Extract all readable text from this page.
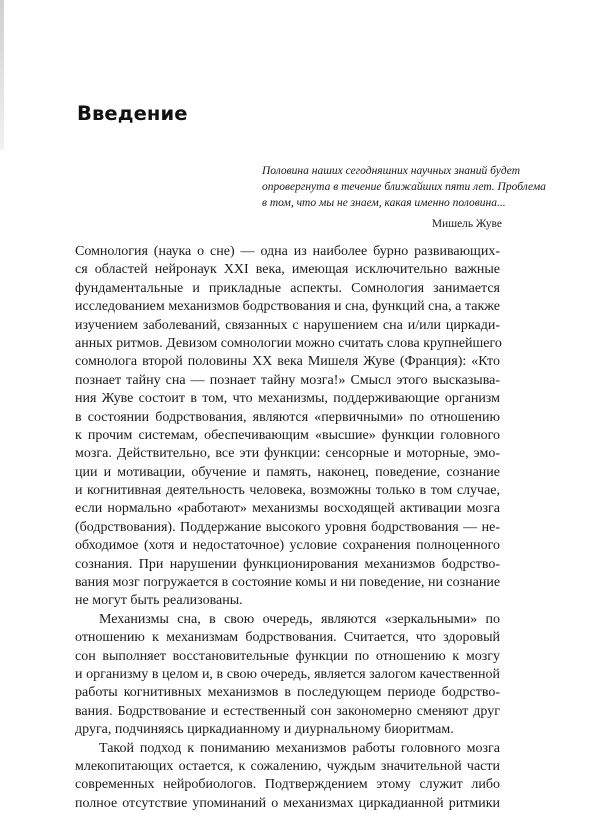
Введение
Половина наших сегодняшних научных знаний будет
опровергнута в течение ближайших пяти лет. Проблема
в том, что мы не знаем, какая именно половина...
Мишель Жуве
Сомнология (наука о сне) — одна из наиболее бурно развивающих-
ся областей нейронаук XXI века, имеющая исключительно важные
фундаментальные и прикладные аспекты. Сомнология занимается
исследованием механизмов бодрствования и сна, функций сна, а также
изучением заболеваний, связанных с нарушением сна и/или циркади-
анных ритмов. Девизом сомнологии можно считать слова крупнейшего
сомнолога второй половины XX века Мишеля Жуве (Франция): «Кто
познает тайну сна — познает тайну мозга!» Смысл этого высказыва-
ния Жуве состоит в том, что механизмы, поддерживающие организм
в состоянии бодрствования, являются «первичными» по отношению
к прочим системам, обеспечивающим «высшие» функции головного
мозга. Действительно, все эти функции: сенсорные и моторные, эмо-
ции и мотивации, обучение и память, наконец, поведение, сознание
и когнитивная деятельность человека, возможны только в том случае,
если нормально «работают» механизмы восходящей активации мозга
(бодрствования). Поддержание высокого уровня бодрствования — не-
обходимое (хотя и недостаточное) условие сохранения полноценного
сознания. При нарушении функционирования механизмов бодрство-
вания мозг погружается в состояние комы и ни поведение, ни сознание
не могут быть реализованы.
Механизмы сна, в свою очередь, являются «зеркальными» по
отношению к механизмам бодрствования. Считается, что здоровый
сон выполняет восстановительные функции по отношению к мозгу
и организму в целом и, в свою очередь, является залогом качественной
работы когнитивных механизмов в последующем периоде бодрство-
вания. Бодрствование и естественный сон закономерно сменяют друг
друга, подчиняясь циркадианному и диурнальному биоритмам.
Такой подход к пониманию механизмов работы головного мозга
млекопитающих остается, к сожалению, чуждым значительной части
современных нейробиологов. Подтверждением этому служит либо
полное отсутствие упоминаний о механизмах циркадианной ритмики
